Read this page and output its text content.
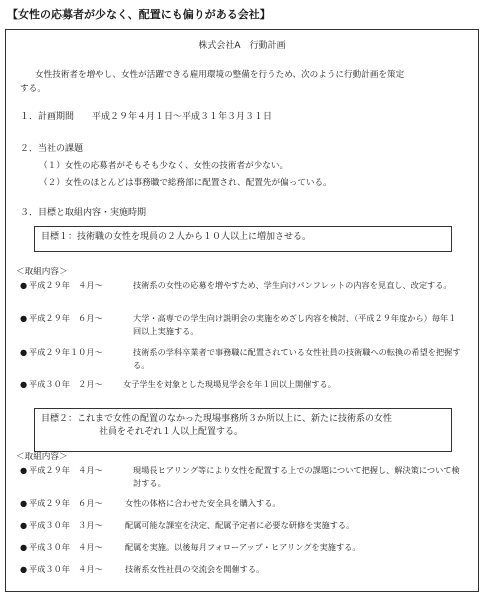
【女性の応募者が少なく、配置にも偏りがある会社】
株式会社A　行動計画
女性技術者を増やし、女性が活躍できる雇用環境の整備を行うため、次のように行動計画を策定
する。
１．計画期間　　平成２９年４月１日〜平成３１年３月３１日
２．当社の課題
（１）女性の応募者がそもそも少なく、女性の技術者が少ない。
（２）女性のほとんどは事務職で総務部に配置され、配置先が偏っている。
３．目標と取組内容・実施時期
目標１：技術職の女性を現員の２人から１０人以上に増加させる。
＜取組内容＞
● 平成２９年　４月〜	技術系の女性の応募を増やすため、学生向けパンフレットの内容を見直し、改定する。
● 平成２９年　６月〜	大学・高専での学生向け説明会の実施をめざし内容を検討、（平成２９年度から）毎年１回以上実施する。
● 平成２９年１０月〜	技術系の学科卒業者で事務職に配置されている女性社員の技術職への転換の希望を把握する。
● 平成３０年　２月〜 女子学生を対象とした現場見学会を年１回以上開催する。
目標２：これまで女性の配置のなかった現場事務所３か所以上に、新たに技術系の女性
社員をそれぞれ１人以上配置する。
＜取組内容＞
● 平成２９年　４月〜	現場長ヒアリング等により女性を配置する上での課題について把握し、解決策について検討する。
● 平成２９年　６月〜	女性の体格に合わせた安全具を購入する。
● 平成３０年　３月〜	配属可能な課室を決定、配属予定者に必要な研修を実施する。
● 平成３０年　４月〜	配属を実施。以後毎月フォローアップ・ヒアリングを実施する。
● 平成３０年　４月〜	技術系女性社員の交流会を開催する。
